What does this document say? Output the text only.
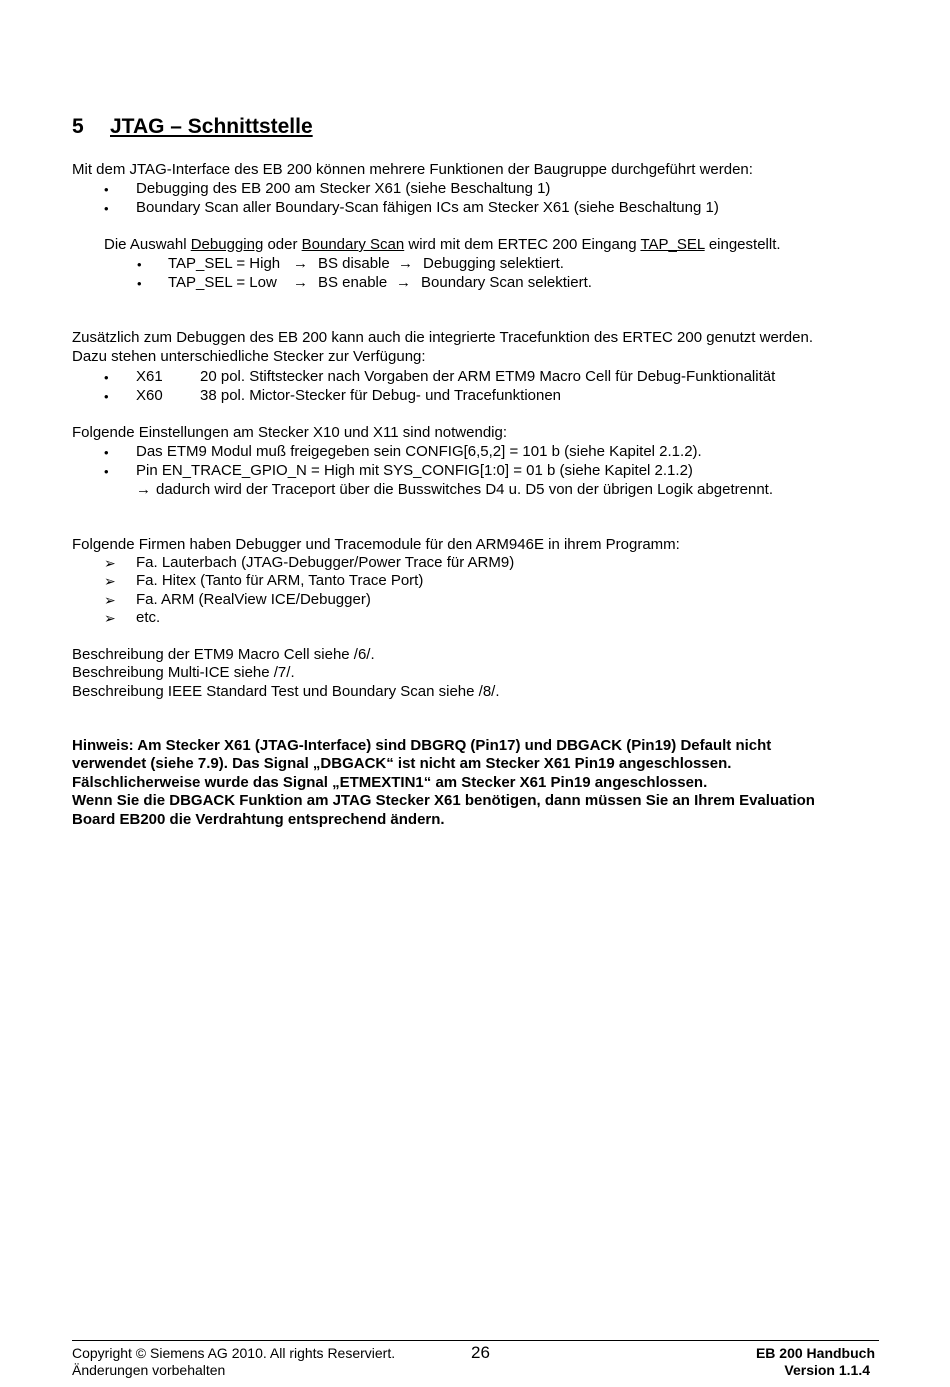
5 JTAG – Schnittstelle
Mit dem JTAG-Interface des EB 200 können mehrere Funktionen der Baugruppe durchgeführt werden:
• Debugging des EB 200 am Stecker X61 (siehe Beschaltung 1)
• Boundary Scan aller Boundary-Scan fähigen ICs am Stecker X61 (siehe Beschaltung 1)
Die Auswahl Debugging oder Boundary Scan wird mit dem ERTEC 200 Eingang TAP_SEL eingestellt.
• TAP_SEL = High → BS disable → Debugging selektiert.
• TAP_SEL = Low → BS enable → Boundary Scan selektiert.
Zusätzlich zum Debuggen des EB 200 kann auch die integrierte Tracefunktion des ERTEC 200 genutzt werden.
Dazu stehen unterschiedliche Stecker zur Verfügung:
• X61 20 pol. Stiftstecker nach Vorgaben der ARM ETM9 Macro Cell für Debug-Funktionalität
• X60 38 pol. Mictor-Stecker für Debug- und Tracefunktionen
Folgende Einstellungen am Stecker X10 und X11 sind notwendig:
• Das ETM9 Modul muß freigegeben sein CONFIG[6,5,2] = 101 b (siehe Kapitel 2.1.2).
• Pin EN_TRACE_GPIO_N = High mit SYS_CONFIG[1:0] = 01 b (siehe Kapitel 2.1.2)
→ dadurch wird der Traceport über die Busswitches D4 u. D5 von der übrigen Logik abgetrennt.
Folgende Firmen haben Debugger und Tracemodule für den ARM946E in ihrem Programm:
➢ Fa. Lauterbach (JTAG-Debugger/Power Trace für ARM9)
➢ Fa. Hitex (Tanto für ARM, Tanto Trace Port)
➢ Fa. ARM (RealView ICE/Debugger)
➢ etc.
Beschreibung der ETM9 Macro Cell siehe /6/.
Beschreibung Multi-ICE siehe /7/.
Beschreibung IEEE Standard Test und Boundary Scan siehe /8/.
Hinweis: Am Stecker X61 (JTAG-Interface) sind DBGRQ (Pin17) und DBGACK (Pin19) Default nicht
verwendet (siehe 7.9). Das Signal „DBGACK“ ist nicht am Stecker X61 Pin19 angeschlossen.
Fälschlicherweise wurde das Signal „ETMEXTIN1“ am Stecker X61 Pin19 angeschlossen.
Wenn Sie die DBGACK Funktion am JTAG Stecker X61 benötigen, dann müssen Sie an Ihrem Evaluation
Board EB200 die Verdrahtung entsprechend ändern.
Copyright © Siemens AG 2010. All rights Reserviert.
Änderungen vorbehalten
26	EB 200 Handbuch
Version 1.1.4
